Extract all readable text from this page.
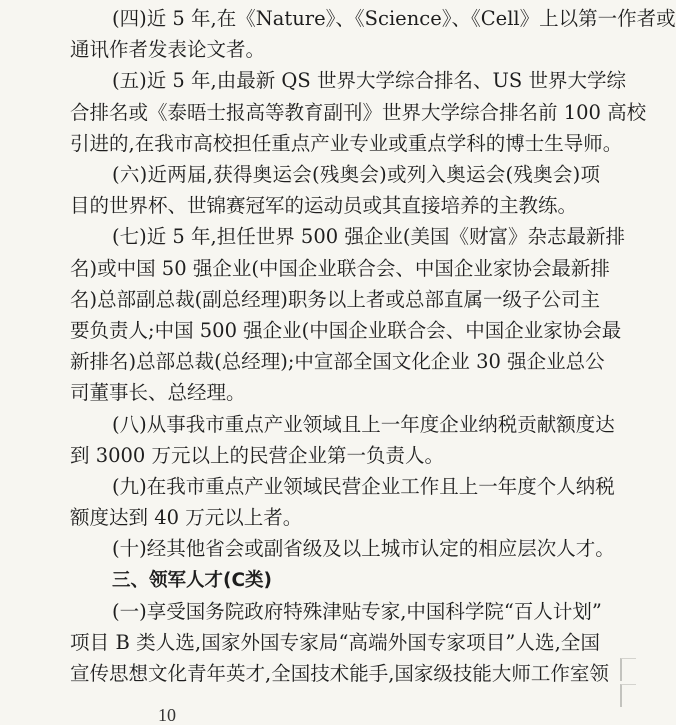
(四)近 5 年,在《Nature》、《Science》、《Cell》上以第一作者或
通讯作者发表论文者。
(五)近 5 年,由最新 QS 世界大学综合排名、US 世界大学综
合排名或《泰晤士报高等教育副刊》世界大学综合排名前 100 高校
引进的,在我市高校担任重点产业专业或重点学科的博士生导师。
(六)近两届,获得奥运会(残奥会)或列入奥运会(残奥会)项
目的世界杯、世锦赛冠军的运动员或其直接培养的主教练。
(七)近 5 年,担任世界 500 强企业(美国《财富》杂志最新排
名)或中国 50 强企业(中国企业联合会、中国企业家协会最新排
名)总部副总裁(副总经理)职务以上者或总部直属一级子公司主
要负责人;中国 500 强企业(中国企业联合会、中国企业家协会最
新排名)总部总裁(总经理);中宣部全国文化企业 30 强企业总公
司董事长、总经理。
(八)从事我市重点产业领域且上一年度企业纳税贡献额度达
到 3000 万元以上的民营企业第一负责人。
(九)在我市重点产业领域民营企业工作且上一年度个人纳税
额度达到 40 万元以上者。
(十)经其他省会或副省级及以上城市认定的相应层次人才。
三、领军人才(C类)
(一)享受国务院政府特殊津贴专家,中国科学院“百人计划”
项目 B 类人选,国家外国专家局“高端外国专家项目”人选,全国
宣传思想文化青年英才,全国技术能手,国家级技能大师工作室领
10
